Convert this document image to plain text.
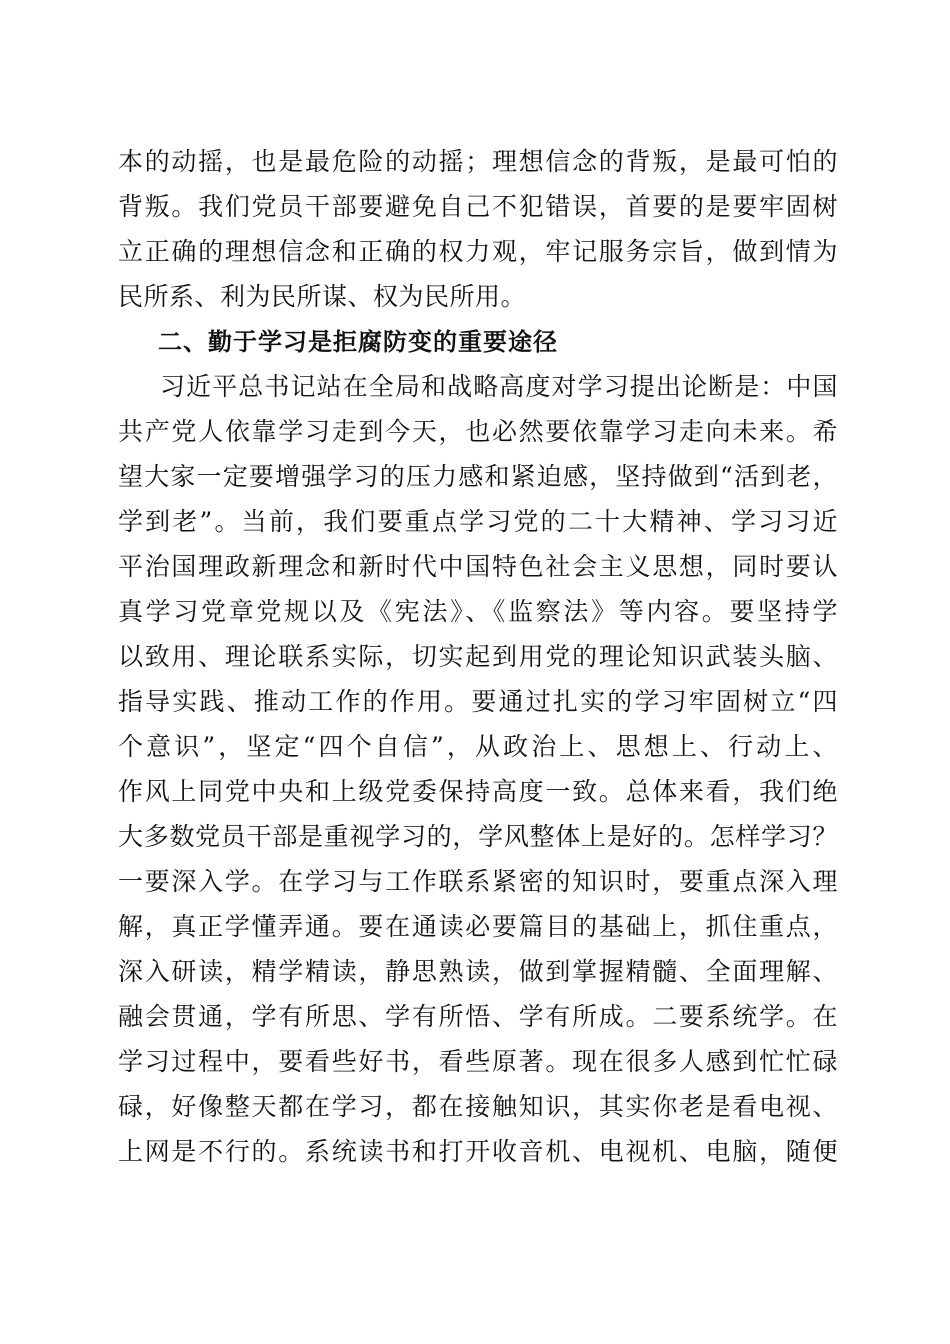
本的动摇，也是最危险的动摇；理想信念的背叛，是最可怕的
背叛。我们党员干部要避免自己不犯错误，首要的是要牢固树
立正确的理想信念和正确的权力观，牢记服务宗旨，做到情为
民所系、利为民所谋、权为民所用。
二、勤于学习是拒腐防变的重要途径
习近平总书记站在全局和战略高度对学习提出论断是：中国
共产党人依靠学习走到今天，也必然要依靠学习走向未来。希
望大家一定要增强学习的压力感和紧迫感，坚持做到“活到老，
学到老”。当前，我们要重点学习党的二十大精神、学习习近
平治国理政新理念和新时代中国特色社会主义思想，同时要认
真学习党章党规以及《宪法》、《监察法》等内容。要坚持学
以致用、理论联系实际，切实起到用党的理论知识武装头脑、
指导实践、推动工作的作用。要通过扎实的学习牢固树立“四
个意识”，坚定“四个自信”，从政治上、思想上、行动上、
作风上同党中央和上级党委保持高度一致。总体来看，我们绝
大多数党员干部是重视学习的，学风整体上是好的。怎样学习？
一要深入学。在学习与工作联系紧密的知识时，要重点深入理
解，真正学懂弄通。要在通读必要篇目的基础上，抓住重点，
深入研读，精学精读，静思熟读，做到掌握精髓、全面理解、
融会贯通，学有所思、学有所悟、学有所成。二要系统学。在
学习过程中，要看些好书，看些原著。现在很多人感到忙忙碌
碌，好像整天都在学习，都在接触知识，其实你老是看电视、
上网是不行的。系统读书和打开收音机、电视机、电脑，随便
